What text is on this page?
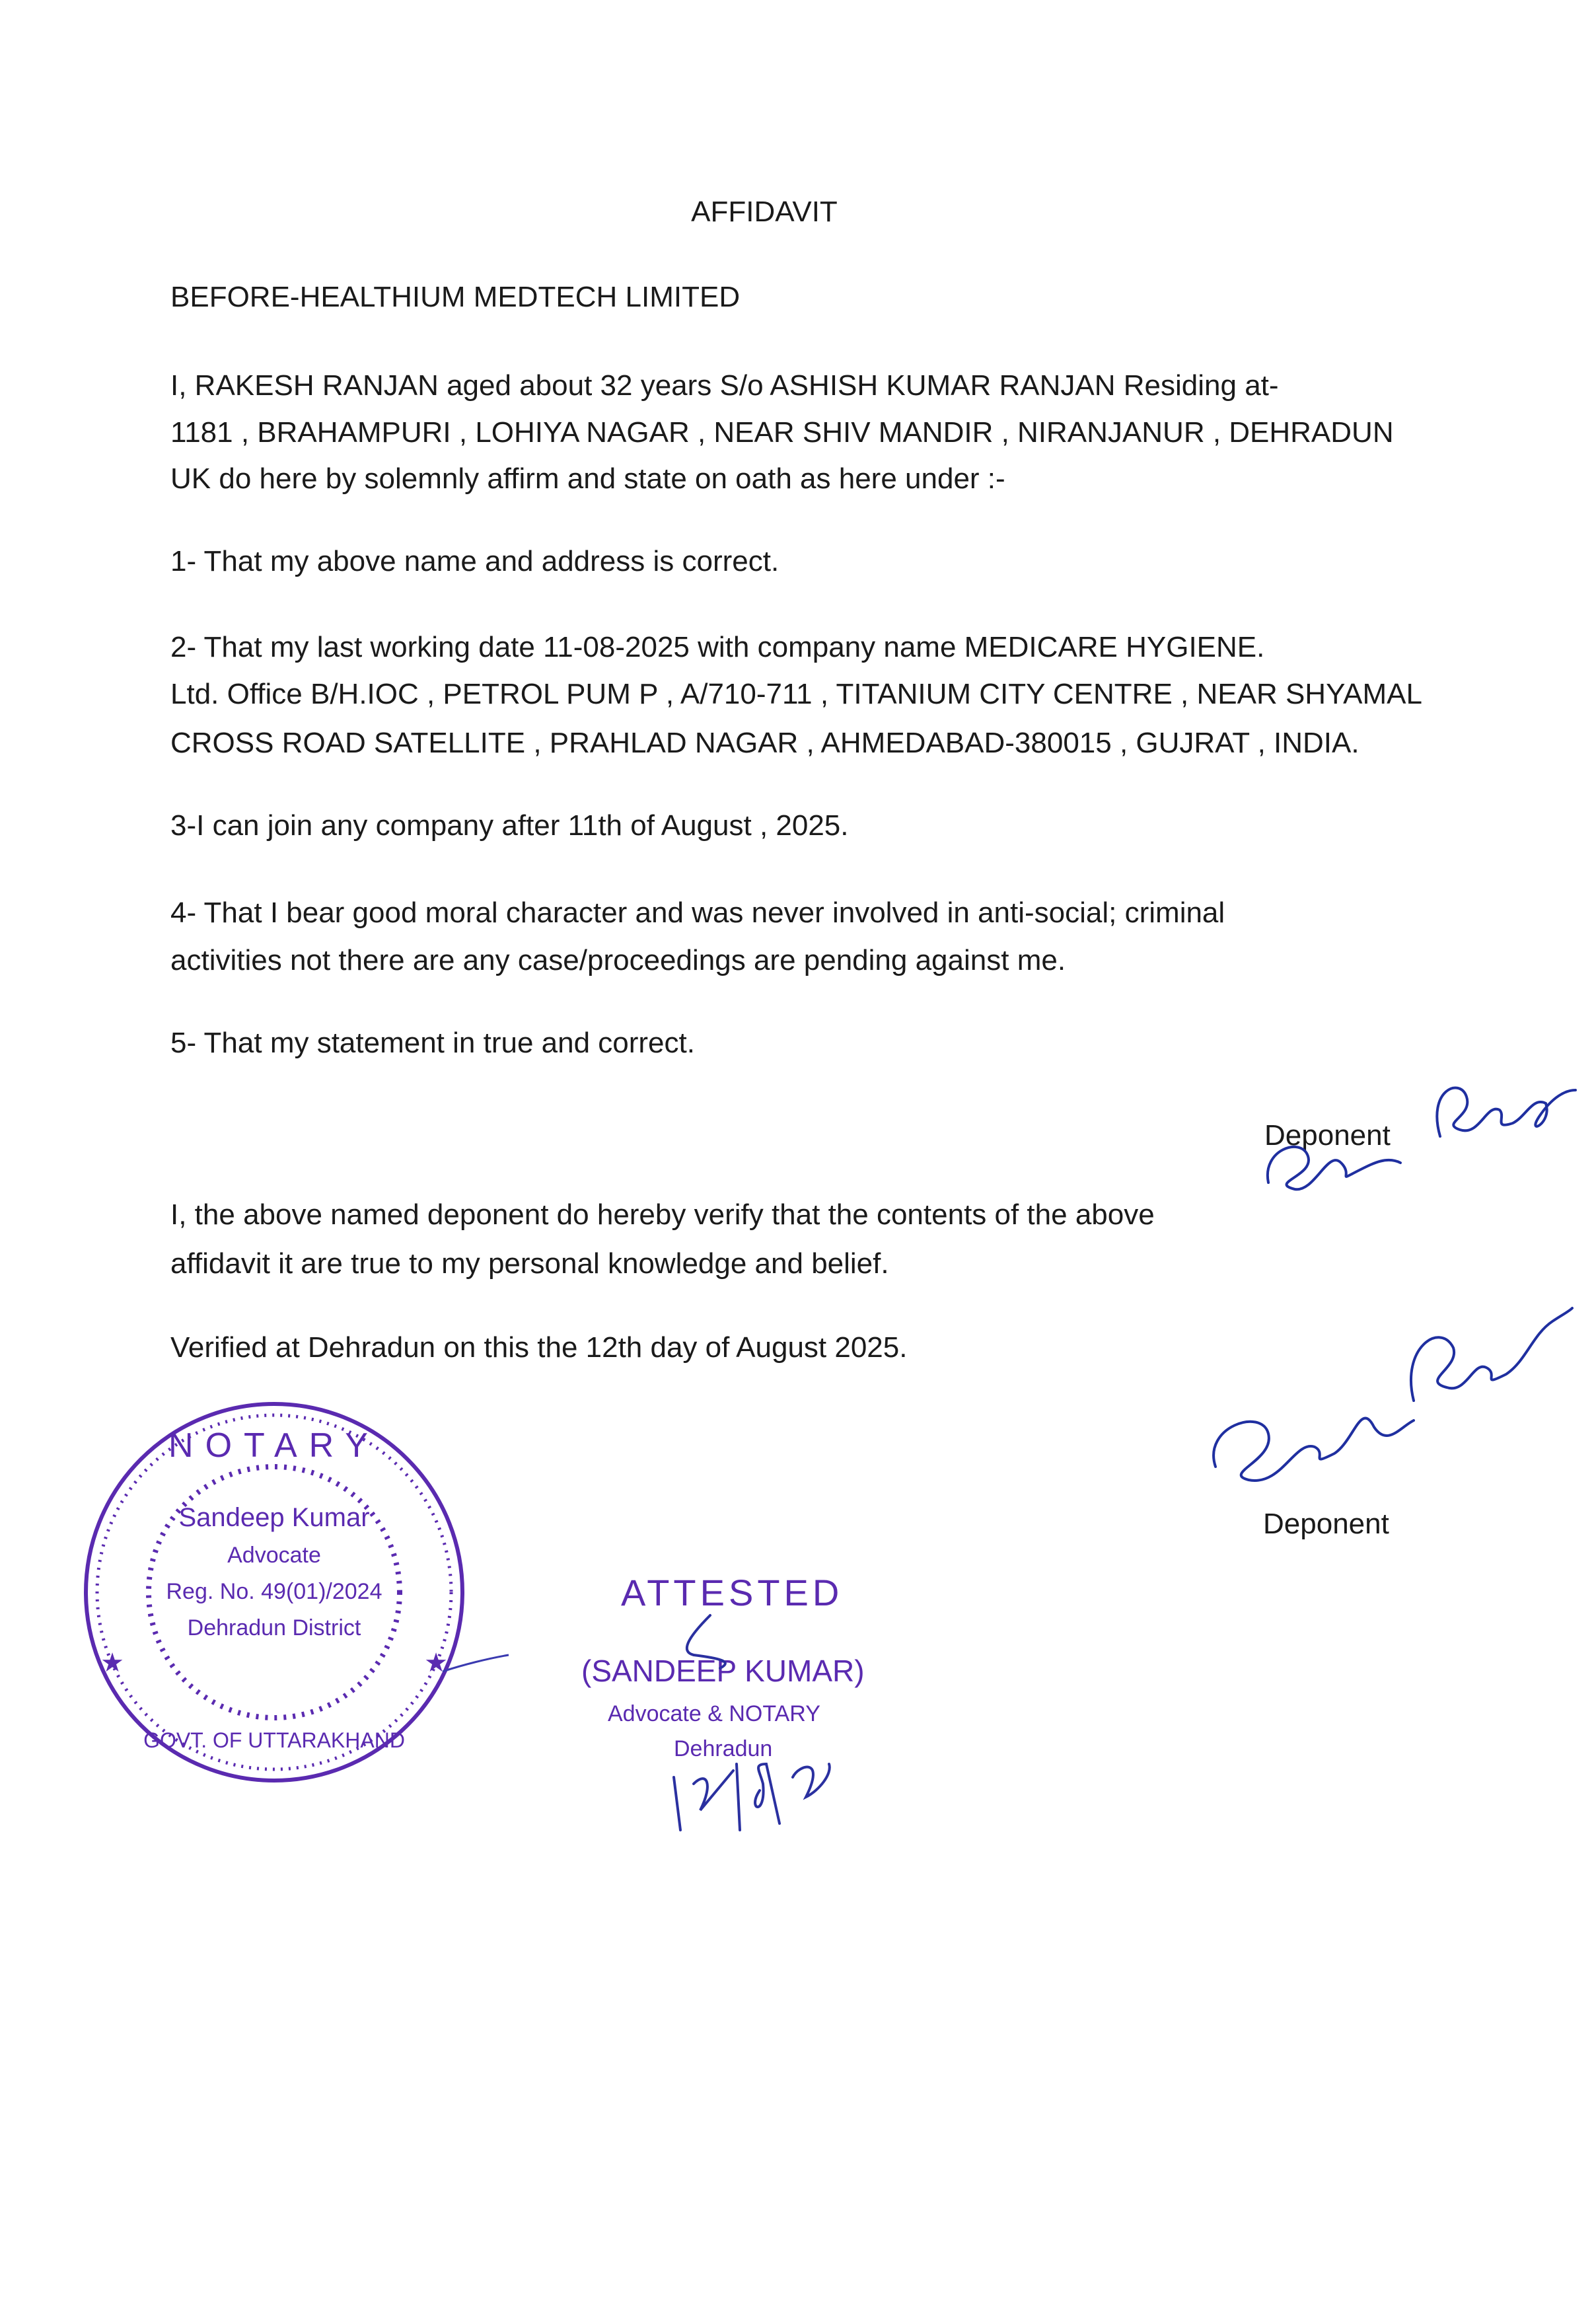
AFFIDAVIT
BEFORE-HEALTHIUM MEDTECH LIMITED
I, RAKESH RANJAN aged about 32 years S/o ASHISH KUMAR RANJAN Residing at-
1181 , BRAHAMPURI , LOHIYA NAGAR , NEAR SHIV MANDIR , NIRANJANUR , DEHRADUN
UK do here by solemnly affirm and state on oath as here under :-
1- That my above name and address is correct.
2- That my last working date 11-08-2025 with company name MEDICARE HYGIENE.
Ltd. Office B/H.IOC , PETROL PUM P , A/710-711 , TITANIUM CITY CENTRE , NEAR SHYAMAL
CROSS ROAD SATELLITE , PRAHLAD NAGAR , AHMEDABAD-380015 , GUJRAT , INDIA.
3-I can join any company after 11th of August , 2025.
4- That I bear good moral character and was never involved in anti-social; criminal
activities not there are any case/proceedings are pending against me.
5- That my statement in true and correct.
Deponent
I, the above named deponent do hereby verify that the contents of the above
affidavit it are true to my personal knowledge and belief.
Verified at Dehradun on this the 12th day of August 2025.
Deponent
NOTARY
Sandeep Kumar
Advocate
Reg. No. 49(01)/2024
Dehradun District
GOVT. OF UTTARAKHAND
★	★
ATTESTED
(SANDEEP KUMAR)
Advocate & NOTARY
Dehradun
